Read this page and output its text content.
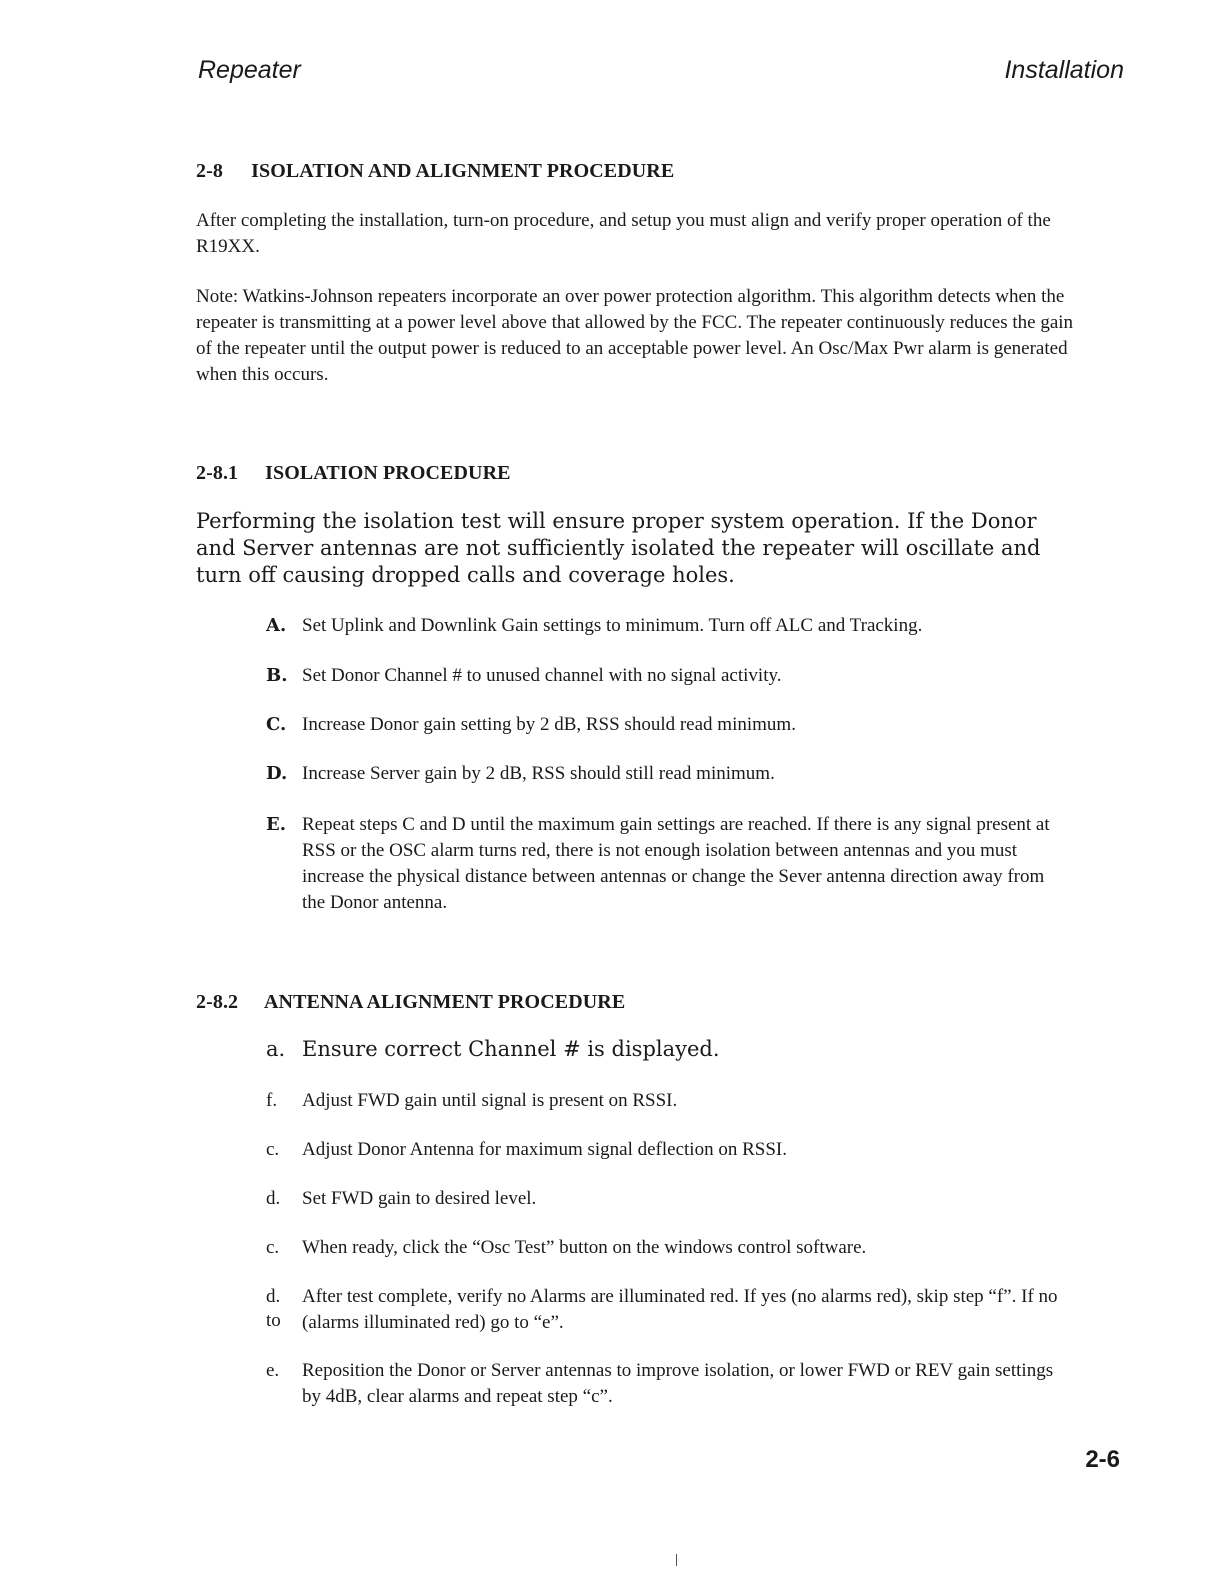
Repeater	Installation
2-8 ISOLATION AND ALIGNMENT PROCEDURE
After completing the installation, turn-on procedure, and setup you must align and verify proper operation of the R19XX.
Note: Watkins-Johnson repeaters incorporate an over power protection algorithm. This algorithm detects when the repeater is transmitting at a power level above that allowed by the FCC. The repeater continuously reduces the gain of the repeater until the output power is reduced to an acceptable power level. An Osc/Max Pwr alarm is generated when this occurs.
2-8.1 ISOLATION PROCEDURE
Performing the isolation test will ensure proper system operation. If the Donor and Server antennas are not sufficiently isolated the repeater will oscillate and turn off causing dropped calls and coverage holes.
A. Set Uplink and Downlink Gain settings to minimum. Turn off ALC and Tracking.
B. Set Donor Channel # to unused channel with no signal activity.
C. Increase Donor gain setting by 2 dB, RSS should read minimum.
D. Increase Server gain by 2 dB, RSS should still read minimum.
E. Repeat steps C and D until the maximum gain settings are reached. If there is any signal present at RSS or the OSC alarm turns red, there is not enough isolation between antennas and you must increase the physical distance between antennas or change the Sever antenna direction away from the Donor antenna.
2-8.2 ANTENNA ALIGNMENT PROCEDURE
a. Ensure correct Channel # is displayed.
f. Adjust FWD gain until signal is present on RSSI.
c. Adjust Donor Antenna for maximum signal deflection on RSSI.
d. Set FWD gain to desired level.
c. When ready, click the “Osc Test” button on the windows control software.
d. After test complete, verify no Alarms are illuminated red. If yes (no alarms red), skip step “f”. If no (alarms illuminated red) go to “e”.
to
e. Reposition the Donor or Server antennas to improve isolation, or lower FWD or REV gain settings by 4dB, clear alarms and repeat step “c”.
2-6
